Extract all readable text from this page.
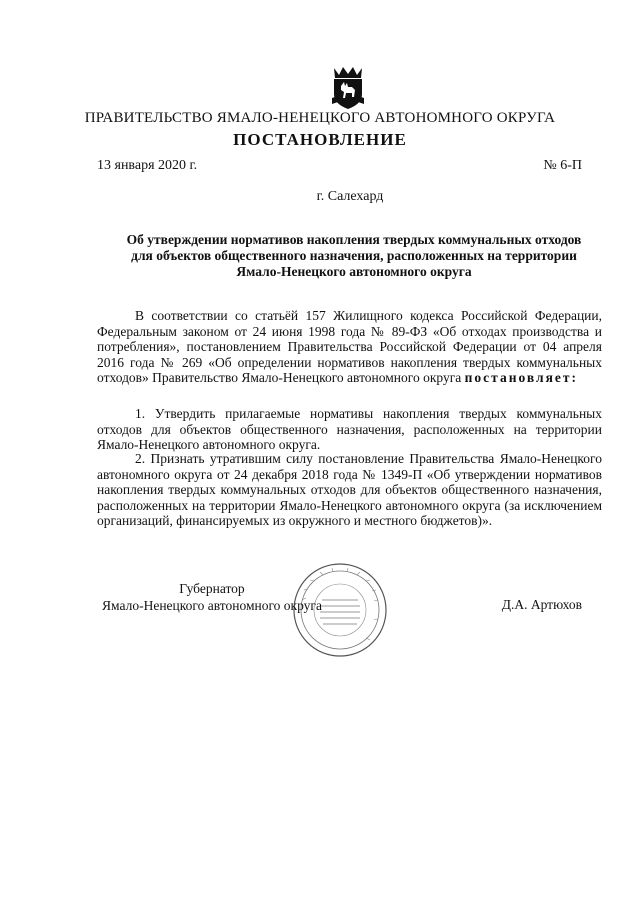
ПРАВИТЕЛЬСТВО ЯМАЛО-НЕНЕЦКОГО АВТОНОМНОГО ОКРУГА
ПОСТАНОВЛЕНИЕ
13 января 2020 г.	№ 6-П
г. Салехард
Об утверждении нормативов накопления твердых коммунальных отходов для объектов общественного назначения, расположенных на территории Ямало-Ненецкого автономного округа
В соответствии со статьёй 157 Жилищного кодекса Российской Федерации, Федеральным законом от 24 июня 1998 года № 89-ФЗ «Об отходах производства и потребления», постановлением Правительства Российской Федерации от 04 апреля 2016 года № 269 «Об определении нормативов накопления твердых коммунальных отходов» Правительство Ямало-Ненецкого автономного округа постановляет:
1. Утвердить прилагаемые нормативы накопления твердых коммунальных отходов для объектов общественного назначения, расположенных на территории Ямало-Ненецкого автономного округа.
2. Признать утратившим силу постановление Правительства Ямало-Ненецкого автономного округа от 24 декабря 2018 года № 1349-П «Об утверждении нормативов накопления твердых коммунальных отходов для объектов общественного назначения, расположенных на территории Ямало-Ненецкого автономного округа (за исключением организаций, финансируемых из окружного и местного бюджетов)».
Губернатор
Ямало-Ненецкого автономного округа	Д.А. Артюхов
